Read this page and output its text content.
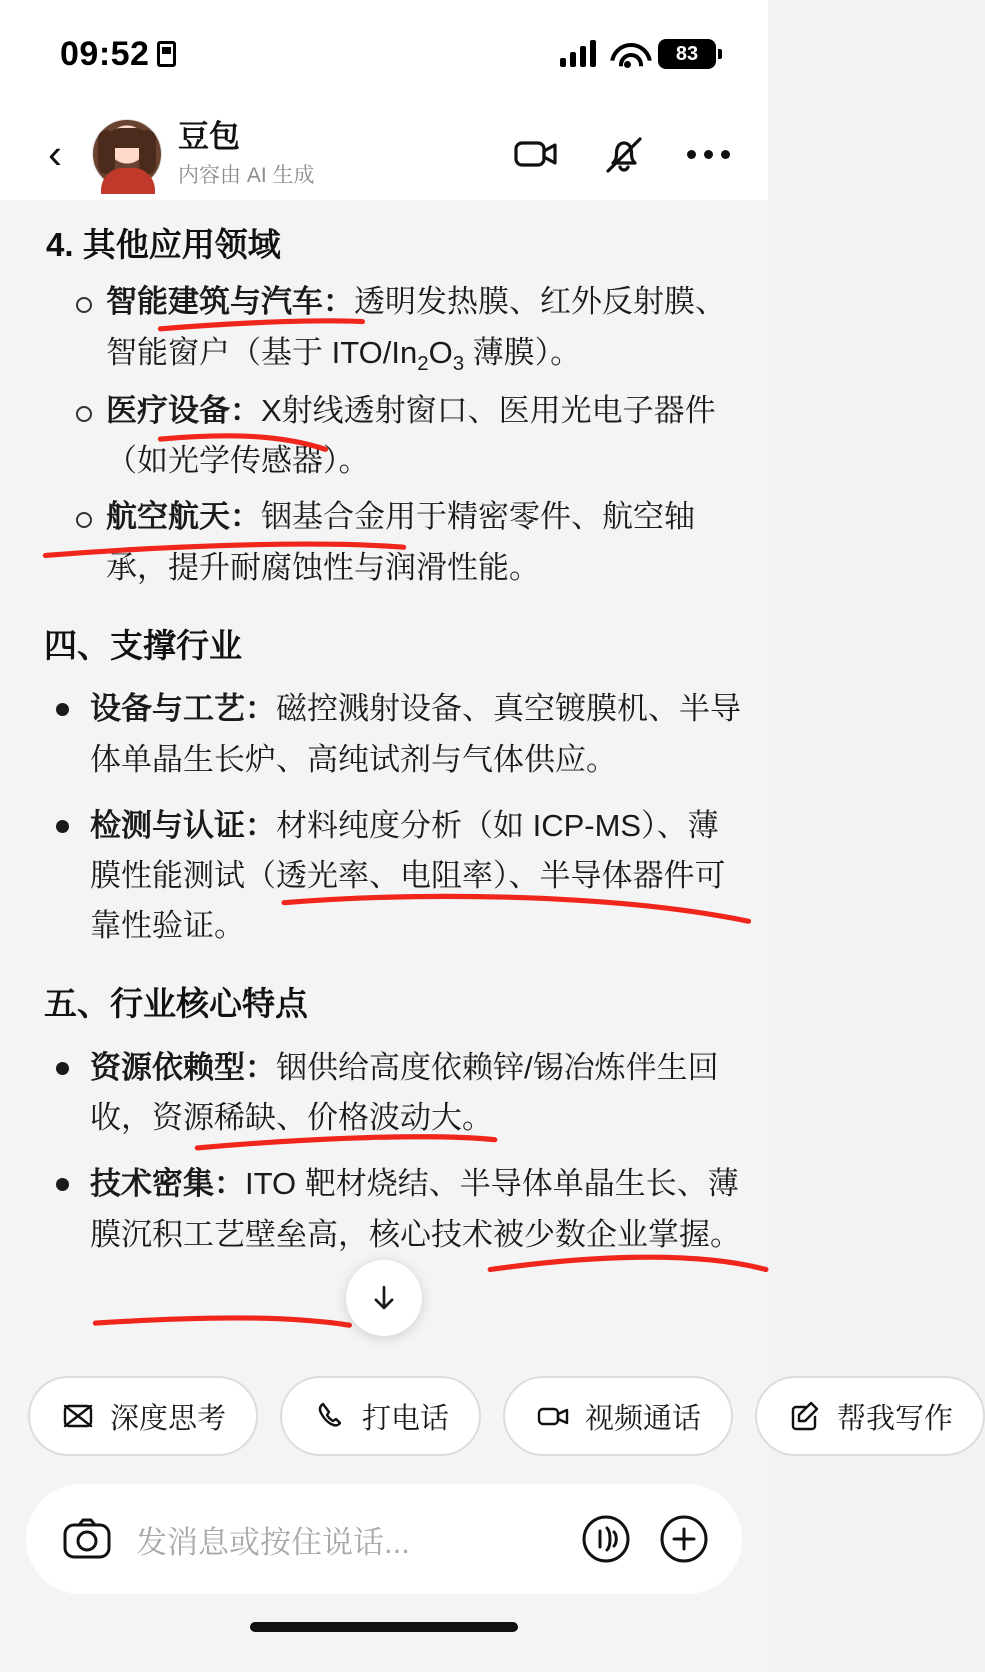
09:52	83
‹	豆包
内容由 AI 生成
4. 其他应用领域
智能建筑与汽车：透明发热膜、红外反射膜、智能窗户（基于 ITO/$In_2O_3$ 薄膜）。
医疗设备：X射线透射窗口、医用光电子器件（如光学传感器）。
航空航天：铟基合金用于精密零件、航空轴承，提升耐腐蚀性与润滑性能。
四、支撑行业
设备与工艺：磁控溅射设备、真空镀膜机、半导体单晶生长炉、高纯试剂与气体供应。
检测与认证：材料纯度分析（如 ICP-MS）、薄膜性能测试（透光率、电阻率）、半导体器件可靠性验证。
五、行业核心特点
资源依赖型：铟供给高度依赖锌/锡冶炼伴生回收，资源稀缺、价格波动大。
技术密集：ITO 靶材烧结、半导体单晶生长、薄膜沉积工艺壁垒高，核心技术被少数企业掌握。
深度思考	打电话	视频通话	帮我写作
发消息或按住说话...
